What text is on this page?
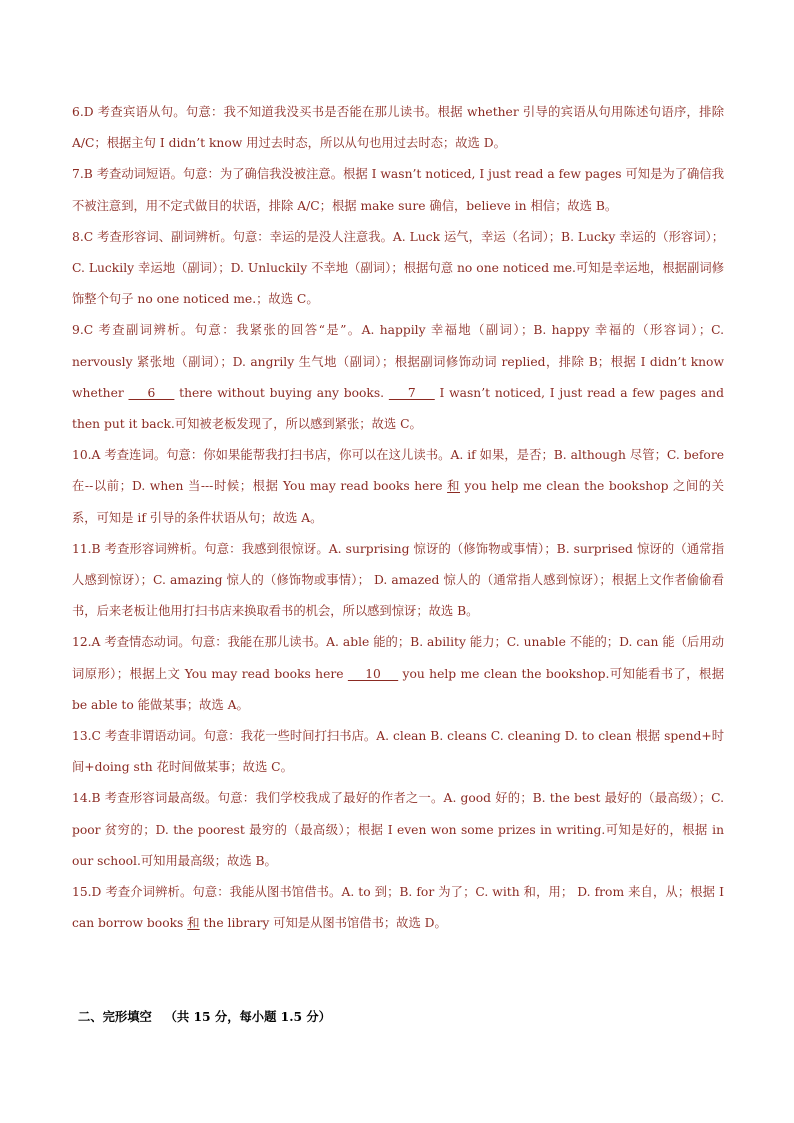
6.D 考查宾语从句。句意：我不知道我没买书是否能在那儿读书。根据 whether 引导的宾语从句用陈述句语序，排除 A/C；根据主句 I didn’t know 用过去时态，所以从句也用过去时态；故选 D。

7.B 考查动词短语。句意：为了确信我没被注意。根据 I wasn’t noticed, I just read a few pages 可知是为了确信我不被注意到，用不定式做目的状语，排除 A/C；根据 make sure 确信，believe in 相信；故选 B。

8.C 考查形容词、副词辨析。句意：幸运的是没人注意我。A. Luck 运气，幸运（名词）；B. Lucky 幸运的（形容词）；C. Luckily 幸运地（副词）；D. Unluckily 不幸地（副词）；根据句意 no one noticed me.可知是幸运地，根据副词修饰整个句子 no one noticed me.；故选 C。

9.C 考查副词辨析。句意：我紧张的回答“是”。A. happily 幸福地（副词）；B. happy 幸福的（形容词）；C. nervously 紧张地（副词）；D. angrily 生气地（副词）；根据副词修饰动词 replied，排除 B；根据 I didn’t know whether     6     there without buying any books.     7     I wasn’t noticed, I just read a few pages and then put it back.可知被老板发现了，所以感到紧张；故选 C。

10.A 考查连词。句意：你如果能帮我打扫书店，你可以在这儿读书。A. if 如果，是否；B. although 尽管；C. before 在--以前；D. when 当---时候；根据 You may read books here 和 you help me clean the bookshop 之间的关系，可知是 if 引导的条件状语从句；故选 A。

11.B 考查形容词辨析。句意：我感到很惊讶。A. surprising 惊讶的（修饰物或事情）；B. surprised 惊讶的（通常指人感到惊讶）；C. amazing 惊人的（修饰物或事情）； D. amazed 惊人的（通常指人感到惊讶）；根据上文作者偷偷看书，后来老板让他用打扫书店来换取看书的机会，所以感到惊讶；故选 B。

12.A 考查情态动词。句意：我能在那儿读书。A. able 能的；B. ability 能力；C. unable 不能的；D. can 能（后用动词原形）；根据上文 You may read books here     10     you help me clean the bookshop.可知能看书了，根据 be able to 能做某事；故选 A。

13.C 考查非谓语动词。句意：我花一些时间打扫书店。A. clean B. cleans C. cleaning D. to clean 根据 spend+时间+doing sth 花时间做某事；故选 C。

14.B 考查形容词最高级。句意：我们学校我成了最好的作者之一。A. good 好的；B. the best 最好的（最高级）；C. poor 贫穷的；D. the poorest 最穷的（最高级）；根据 I even won some prizes in writing.可知是好的，根据 in our school.可知用最高级；故选 B。

15.D 考查介词辨析。句意：我能从图书馆借书。A. to 到；B. for 为了；C. with 和，用； D. from 来自，从；根据 I can borrow books 和 the library 可知是从图书馆借书；故选 D。

二、完形填空   （共 15 分，每小题 1.5 分）
